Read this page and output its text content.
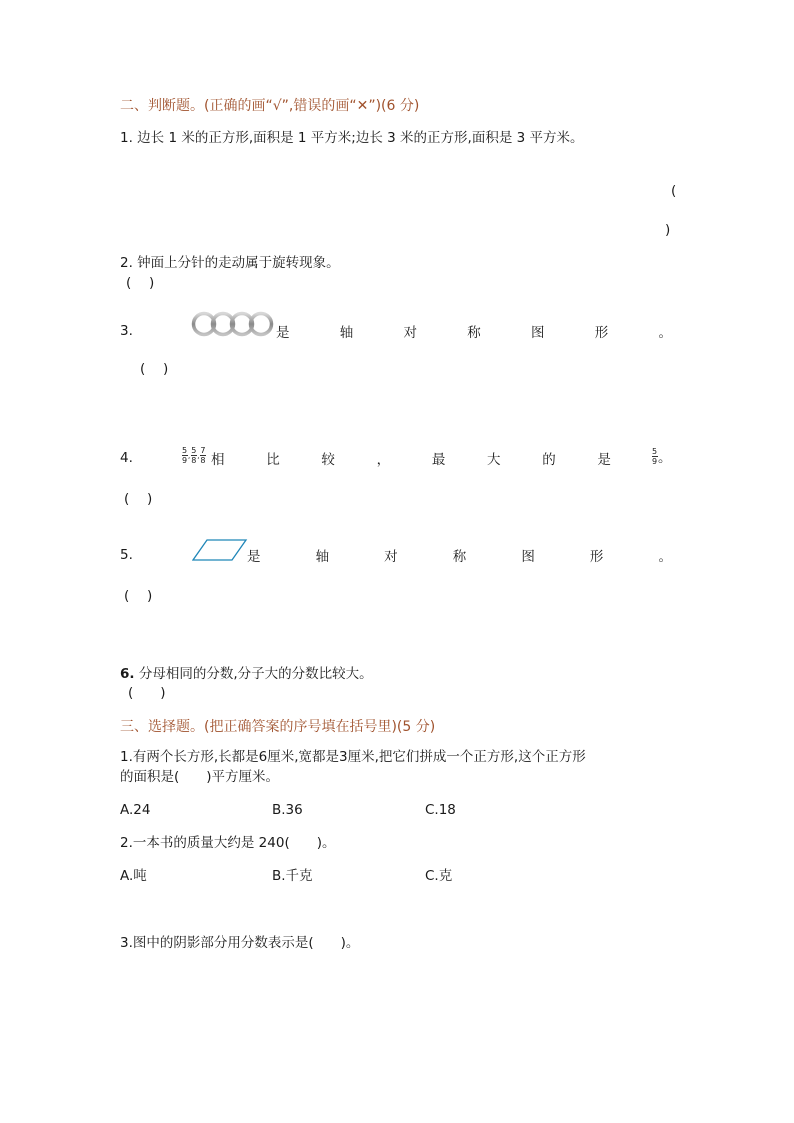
二、判断题。(正确的画“√”,错误的画“✕”)(6 分)
1. 边长 1 米的正方形,面积是 1 平方米;边长 3 米的正方形,面积是 3 平方米。
(
)
2. 钟面上分针的走动属于旋转现象。
(　 )
3.	是	轴	对	称	图	形	。
(　 )
4.	$\frac{5}{9}$ , $\frac{5}{8}$ , $\frac{7}{8}$ 相	比	较	，	最	大	的	是	$\frac{5}{9}$ 。
(　 )
5.	是	轴	对	称	图	形	。
(　 )
6. 分母相同的分数,分子大的分数比较大。
(　　)
三、选择题。(把正确答案的序号填在括号里)(5 分)
1.有两个长方形,长都是6厘米,宽都是3厘米,把它们拼成一个正方形,这个正方形
的面积是(　　)平方厘米。
A.24	B.36	C.18
2.一本书的质量大约是 240(　　)。
A.吨	B.千克	C.克
3.图中的阴影部分用分数表示是(　　)。
